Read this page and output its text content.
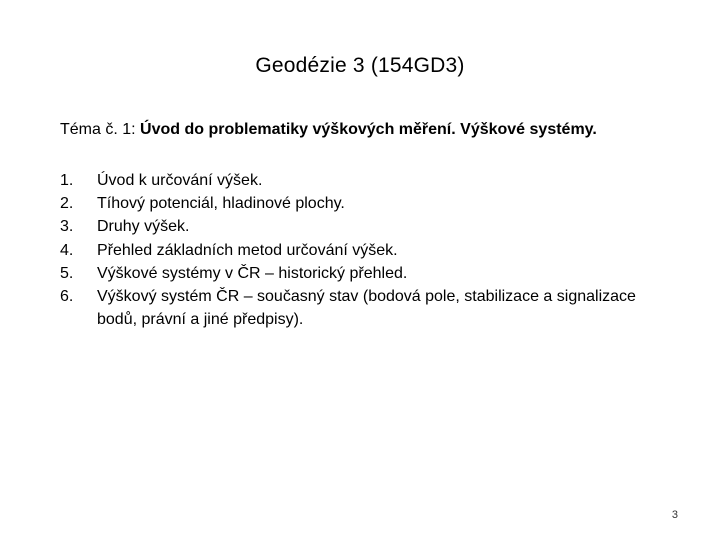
Geodézie 3 (154GD3)
Téma č. 1: Úvod do problematiky výškových měření. Výškové systémy.
1. Úvod k určování výšek.
2. Tíhový potenciál, hladinové plochy.
3. Druhy výšek.
4. Přehled základních metod určování výšek.
5. Výškové systémy v ČR – historický přehled.
6. Výškový systém ČR – současný stav (bodová pole, stabilizace a signalizace bodů, právní a jiné předpisy).
3
